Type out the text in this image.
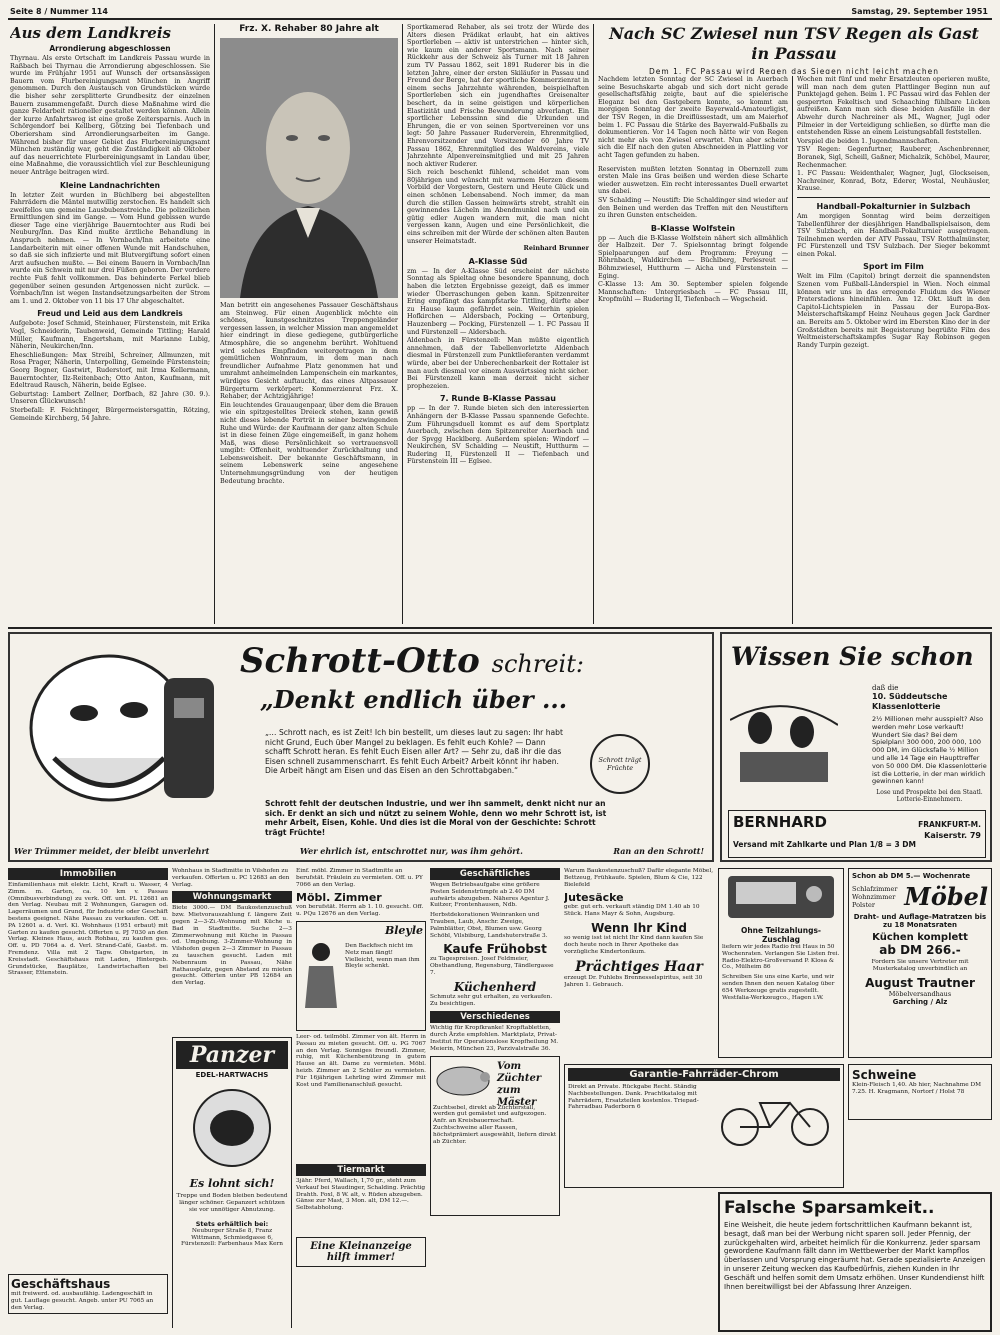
Seite 8 / Nummer 114	Samstag, 29. September 1951
Aus dem Landkreis
Arrondierung abgeschlossen

Thyrnau. Als erste Ortschaft im Landkreis Passau wurde in Raßbach bei Thyrnau die Arrondierung abgeschlossen. Sie wurde im Frühjahr 1951 auf Wunsch der ortsansässigen Bauern vom Flurbereinigungsamt München in Angriff genommen. Durch den Austausch von Grundstücken wurde die bisher sehr zersplitterte Grundbesitz der einzelnen Bauern zusammengefaßt. Durch diese Maßnahme wird die ganze Feldarbeit rationeller gestaltet werden können. Allein der kurze Anfahrtsweg ist eine große Zeitersparnis. Auch in Schörgendorf bei Kellberg, Götzing bei Tiefenbach und Oberiersham sind Arrondierungsarbeiten im Gange. Während bisher für unser Gebiet das Flurbereinigungsamt München zuständig war, geht die Zuständigkeit ab Oktober auf das neuerrichtete Flurbereinigungsamt in Landau über, eine Maßnahme, die voraussichtlich viel zur Beschleunigung neuer Anträge beitragen wird.

Kleine Landnachrichten

In letzter Zeit wurden in Büchlberg bei abgestellten Fahrrädern die Mäntel mutwillig zerstochen. Es handelt sich zweifellos um gemeine Lausbubenstreiche. Die polizeilichen Ermittlungen sind im Gange. — Vom Hund gebissen wurde dieser Tage eine vierjährige Bauerntochter aus Rudi bei Neuburg/Inn. Das Kind mußte ärztliche Behandlung in Anspruch nehmen. — In Vornbach/Inn arbeitete eine Landarbeiterin mit einer offenen Wunde mit Handschuhen, so daß sie sich infizierte und mit Blutvergiftung sofort einen Arzt aufsuchen mußte. — Bei einem Bauern in Vornbach/Inn wurde ein Schwein mit nur drei Füßen geboren. Der vordere rechte Fuß fehlt vollkommen. Das behinderte Ferkel blieb gegenüber seinen gesunden Artgenossen nicht zurück. — Vornbach/Inn ist wegen Instandsetzungsarbeiten der Strom am 1. und 2. Oktober von 11 bis 17 Uhr abgeschaltet.

Freud und Leid aus dem Landkreis

Aufgebote: Josef Schmid, Steinhauer, Fürstenstein, mit Erika Vogl, Schneiderin, Taubenweid, Gemeinde Tittling; Harald Müller, Kaufmann, Engertsham, mit Marianne Lubig, Näherin, Neukirchen/Inn.

Eheschließungen: Max Streibl, Schreiner, Allmunzen, mit Rosa Prager, Näherin, Unterpolling, Gemeinde Fürstenstein; Georg Bogner, Gastwirt, Ruderstorf, mit Irma Kellermann, Bauerntochter, Ilz-Reitenbach; Otto Anton, Kaufmann, mit Edeltraud Rausch, Näherin, beide Eglsee.

Geburtstag: Lambert Zellner, Dorfbach, 82 Jahre (30. 9.). Unseren Glückwunsch!

Sterbefall: F. Feichtinger, Bürgermeistersgattin, Rötzing, Gemeinde Kirchberg, 54 Jahre.

Frz. X. Rehaber 80 Jahre alt

Man betritt ein angesehenes Passauer Geschäftshaus am Steinweg. Für einen Augenblick möchte ein schönes, kunstgeschnitztes Treppengeländer vergessen lassen, in welcher Mission man angemeldet hier eindringt in diese gediegene, gutbürgerliche Atmosphäre, die so angenehm berührt. Wohltuend wird solches Empfinden weitergetragen in dem gemütlichen Wohnraum, in dem man nach freundlicher Aufnahme Platz genommen hat und umrahmt anheimelnden Lampenschein ein markantes, würdiges Gesicht auftaucht, das eines Altpassauer Bürgerturm verkörpert: Kommerzienrat Frz. X. Rehaber, der Achtzigjährige!

Ein leuchtendes Grauaugenpaar, über dem die Brauen wie ein spitzgestelltes Dreieck stehen, kann gewiß nicht dieses lebende Porträt in seiner bezwingenden Ruhe und Würde: der Kaufmann der ganz alten Schule ist in diese feinen Züge eingemeißelt, in ganz hohem Maß, was diese Persönlichkeit so vertrauensvoll umgibt: Offenheit, wohltuender Zurückhaltung und Lebensweisheit. Der bekannte Geschäftsmann, in seinem Lebenswerk seine angesehene Unternehmungsgründung von der heutigen Bedeutung brachte.

Sportkamerad Rehaber, als sei trotz der Würde des Alters diesen Prädikat erlaubt, hat ein aktives Sportlerleben — aktiv ist unterstrichen — hinter sich, wie kaum ein anderer Sportsmann. Nach seiner Rückkehr aus der Schweiz als Turner mit 18 Jahren zum TV Passau 1862, seit 1891 Ruderer bis in die letzten Jahre, einer der ersten Skiläufer in Passau und Freund der Berge, hat der sportliche Kommerzienrat in einem sechs Jahrzehnte währenden, beispielhaften Sportlerleben sich ein jugendhaftes Greisenalter beschert, da in seine geistigen und körperlichen Elastizität und Frische Bewunderung abverlangt. Ein sportlicher Lebenssinn sind die Urkunden und Ehrungen, die er von seinen Sportvereinen vor uns legt: 50 Jahre Passauer Ruderverein, Ehrenmitglied, Ehrenvorsitzender und Vorsitzender 60 Jahre TV Passau 1862, Ehrenmitglied des Waldvereins, viele Jahrzehnte Alpenvereinsmitglied und mit 25 Jahren noch aktiver Ruderer.

Sich reich beschenkt fühlend, scheidet man vom 80jährigen und wünscht mit warmem Herzen diesem Vorbild der Vorgestern, Gestern und Heute Glück und einen schönen Lebensabend. Noch immer, da man durch die stillen Gassen heimwärts strebt, strahlt ein gewinnendes Lächeln im Abendmunkel nach und ein gütig edler Augen wandern mit, die man nicht vergessen kann, Augen und eine Persönlichkeit, die eins schreiben mit der Würde der schönen alten Bauten unserer Heimatstadt.

Reinhard Brunner
A-Klasse Süd

zm — In der A-Klasse Süd erscheint der nächste Sonntag als Spieltag ohne besondere Spannung, doch haben die letzten Ergebnisse gezeigt, daß es immer wieder Überraschungen geben kann. Spitzenreiter Ering empfängt das kampfstarke Tittling, dürfte aber zu Hause kaum gefährdet sein. Weiterhin spielen Hofkirchen — Aldersbach, Pocking — Ortenburg, Hauzenberg — Pocking, Fürstenzell — 1. FC Passau II und Fürstenzell — Aldersbach.

Aldenbach in Fürstenzell: Man müßte eigentlich annehmen, daß der Tabellenvorletzte Aldenbach diesmal in Fürstenzell zum Punktlieferanten verdammt würde, aber bei der Unberechenbarkeit der Rottaler ist man auch diesmal vor einem Auswärtssieg nicht sicher. Bei Fürstenzell kann man derzeit nicht sicher prophezeien.

7. Runde B-Klasse Passau

pp — In der 7. Runde bieten sich den interessierten Anhängern der B-Klasse Passau spannende Gefechte. Zum Führungsduell kommt es auf dem Sportplatz Auerbach, zwischen dem Spitzenreiter Auerbach und der Spvgg Hacklberg. Außerdem spielen: Windorf — Neukirchen, SV Schalding — Neustift, Hutthurm — Rudering II, Fürstenzell II — Tiefenbach und Fürstenstein III — Eglsee.

Nach SC Zwiesel nun TSV Regen als Gast in Passau
Dem 1. FC Passau wird Regen das Siegen nicht leicht machen

Nachdem letzten Sonntag der SC Zwiesel in Auerbach seine Besuchskarte abgab und sich dort nicht gerade gesellschaftsfähig zeigte, baut auf die spielerische Eleganz bei den Gastgebern konnte, so kommt am morgigen Sonntag der zweite Bayerwald-Amateurligist, der TSV Regen, in die Dreiflüssestadt, um am Maierhof beim 1. FC Passau die Stärke des Bayerwald-Fußballs zu dokumentieren. Vor 14 Tagen noch hätte wir von Regen nicht mehr als von Zwiesel erwartet. Nun aber scheint sich die Elf nach den guten Abschneiden in Plattling vor acht Tagen gefunden zu haben.

Reservisten mußten letzten Sonntag in Obernzell zum ersten Male ins Gras beißen und werden diese Scharte wieder auswetzen. Ein recht interessantes Duell erwartet uns dabei.

SV Schalding — Neustift: Die Schaldinger sind wieder auf den Beinen und werden das Treffen mit den Neustiftern zu ihren Gunsten entscheiden.

B-Klasse Wolfstein

pp — Auch die B-Klasse Wolfstein nähert sich allmählich der Halbzeit. Der 7. Spielsonntag bringt folgende Spielpaarungen auf dem Programm: Freyung — Röhrnbach, Waldkirchen — Büchlberg, Perlesreut — Böhmzwiesel, Hutthurm — Aicha und Fürstenstein — Eging.

C-Klasse 13: Am 30. September spielen folgende Mannschaften: Untergriesbach — FC Passau III, Kropfmühl — Rudering II, Tiefenbach — Wegscheid.

Wochen mit fünf und mehr Ersatzleuten operieren mußte, will man nach dem guten Plattlinger Beginn nun auf Punktejagd gehen. Beim 1. FC Passau wird das Fehlen der gesperrten Fekeltisch und Schaaching fühlbare Lücken aufreißen. Kann man sich diese beiden Ausfälle in der Abwehr durch Nachreiner als ML, Wagner, Jugl oder Pilmeier in der Verteidigung schließen, so dürfte man die entstehenden Risse an einem Leistungsabfall feststellen.

Vorspiel die beiden 1. Jugendmannschaften.

TSV Regen: Gegenfurtner, Rauberer, Aschenbrenner, Boranek, Sigl, Scheill, Gaßner, Michalzik, Schöbel, Maurer, Rechenmacher.

1. FC Passau: Weidenthaler, Wagner, Jugl, Glockseisen, Nachreiner, Konrad, Botz, Ederer, Wostal, Neuhäusler, Krause.

Handball-Pokalturnier in Sulzbach

Am morgigen Sonntag wird beim derzeitigen Tabellenführer der diesjährigen Handballspielsaison, dem TSV Sulzbach, ein Handball-Pokalturnier ausgetragen. Teilnehmen werden der ATV Passau, TSV Rotthalmünster, FC Fürstenzell und TSV Sulzbach. Der Sieger bekommt einen Pokal.

Sport im Film

Welt im Film (Capitol) bringt derzeit die spannendsten Szenen vom Fußball-Länderspiel in Wien. Noch einmal können wir uns in das erregende Fluidum des Wiener Praterstadions hineinfühlen. Am 12. Okt. läuft in den Capitol-Lichtspielen in Passau der Europa-Box-Meisterschaftskampf Heinz Neuhaus gegen Jack Gardner an. Bereits am 5. Oktober wird im Ebersten Kino der in der Großstädten bereits mit Begeisterung begrüßte Film des Weltmeisterschaftskampfes Sugar Ray Robinson gegen Randy Turpin gezeigt.

Schrott-Otto schreit:
„Denkt endlich über ...

„… Schrott nach, es ist Zeit! Ich bin bestellt, um dieses laut zu sagen: Ihr habt nicht Grund, Euch über Mangel zu beklagen. Es fehlt euch Kohle? — Dann schafft Schrott heran. Es fehlt Euch Eisen aller Art? — Sehr zu, daß ihr die das Eisen schnell zusammenscharrt. Es fehlt Euch Arbeit? Arbeit könnt ihr haben. Die Arbeit hängt am Eisen und das Eisen an den Schrottabgaben.“

Schrott fehlt der deutschen Industrie, und wer ihn sammelt, denkt nicht nur an sich. Er denkt an sich und nützt zu seinem Wohle, denn wo mehr Schrott ist, ist mehr Arbeit, Eisen, Kohle. Und dies ist die Moral von der Geschichte: Schrott trägt Früchte!

Schrott trägt Früchte
Wer Trümmer meidet, der bleibt unverlehrt	Wer ehrlich ist, entschrottet nur, was ihm gehört.	Ran an den Schrott!
Wissen Sie schon
daß die
10. Süddeutsche Klassenlotterie

2½ Millionen mehr ausspielt? Also werden mehr Lose verkauft! Wundert Sie das? Bei dem Spielplan! 300 000, 200 000, 100 000 DM, im Glücksfalle ½ Million und alle 14 Tage ein Haupttreffer von 50 000 DM. Die Klassenlotterie ist die Lotterie, in der man wirklich gewinnen kann!

Lose und Prospekte bei den Staatl. Lotterie-Einnehmern.

BERNHARD	FRANKFURT-M.
Kaiserstr. 79
Versand mit Zahlkarte und Plan 1/8 = 3 DM
Immobilien

Einfamilienhaus mit elektr. Licht, Kraft u. Wasser, 4 Zimm. m. Garten, ca. 10 km v. Passau (Omnibusverbindung) zu verk. Off. unt. PL 12681 an den Verlag. Neubau mit 2 Wohnungen, Garagen od. Lagerräumen und Grund, für Industrie oder Geschäft bestens geeignet. Nähe Passau zu verkaufen. Off. u. PA 12601 a. d. Verl. Kl. Wohnhaus (1951 erbaut) mit Garten zu kaufen gesucht. Offerten u. PJ 7030 an den Verlag. Kleines Haus, auch Rohbau, zu kaufen ges. Off. u. PD 7064 a. d. Verl. Strand-Café, Gastst. m. Fremdenz. Villa mit 2 Tagw. Obstgarten, in Kreisstadt. Geschäftshaus mit Laden, Hintergeb. Grundstücke, Bauplätze, Landwirtschaften bei Strasser, Ettenstein.

Geschäftshaus

mit freiwerd. od. ausbaufähig. Ladengeschäft in gut. Lauflage gesucht. Angeb. unter PU 7065 an den Verlag.

Wohnhaus in Stadtmitte in Vilshofen zu verkaufen. Offerten u. PC 12683 an den Verlag.

Wohnungsmarkt

Biete 3000.— DM Baukostenzuschuß bzw. Mietvorauszahlung f. längere Zeit gegen 2—3-Zi.-Wohnung mit Küche u. Bad in Stadtmitte. Suche 2—3 Zimmerwohnung mit Küche in Passau od. Umgebung. 3-Zimmer-Wohnung in Vilshofen gegen 2—3 Zimmer in Passau zu tauschen gesucht. Laden mit Nebenraum in Passau, Nähe Rathausplatz, gegen Abstand zu mieten gesucht. Offerten unter PB 12684 an den Verlag.

Panzer
EDEL-HARTWACHS
Es lohnt sich!

Treppe und Boden bleiben bedeutend länger schöner. Gepanzert schützen sie vor unnötiger Abnutzung.

Stets erhältlich bei:

Neuburger Straße 8, Franz Wittmann, Schmiedgasse 6, Fürstenzell: Farbenhaus Max Kern

Einf. möbl. Zimmer in Stadtmitte an berufstät. Fräulein zu vermieten. Off. u. PY 7066 an den Verlag.

Möbl. Zimmer

von berufstät. Herrn ab 1. 10. gesucht. Off. u. PQu 12676 an den Verlag.

Bleyle

Den Backfisch nicht im Netz man fängt! Vielleicht, wenn man ihm Bleyle schenkt.

Leer- od. teilmöbl. Zimmer von ält. Herrn in Passau zu mieten gesucht. Off. u. PG 7067 an den Verlag. Sonniges freundl. Zimmer, ruhig, mit Küchenbenützung in gutem Hause an ält. Dame zu vermieten. Möbl. heizb. Zimmer an 2 Schüler zu vermieten. Für 16jährigen Lehrling wird Zimmer mit Kost und Familienanschluß gesucht.

Tiermarkt

3jähr. Pferd, Wallach, 1,70 gr., steht zum Verkauf bei Staudinger, Schalding. Prächtig Drahth. Foxl, 8 W. alt, v. Rüden abzugeben. Gänse zur Mast, 3 Mon. alt, DM 12.—. Selbstabholung.

Eine Kleinanzeige hilft immer!
Geschäftliches

Wegen Betriebsaufgabe eine größere Posten Seidenstrümpfe ab 2.40 DM aufwärts abzugeben. Näheres Agentur J. Kuitzer, Frontenhausen, Ndb.

Herbstdekorationen Weinranken und Trauben, Laub, Anschr. Zweige, Palmblätter, Obst, Blumen usw. Georg Schöbl, Vilsbiburg, Landshuterstraße 3.

Kaufe Frühobst

zu Tagespreisen. Josef Feldmeier, Obsthandlung, Regensburg, Tändlergasse 7.

Küchenherd

Schmutz sehr gut erhalten, zu verkaufen. Zu besichtigen.

Verschiedenes

Wichtig für Kropfkranke! Kropftabletten, durch Ärzte empfohlen. Marktplatz, Privat-Institut für Operationslose Kropfheilung M. Meierin, München 23, Parzivalstraße 36.

Vom Züchter zum Mäster

Zuchtsebel, direkt ab Züchterstall, werden gut gemästet und aufgezogen. Anfr. an Kreisbauernschaft. Zuchtschweine aller Rassen, höchstprämiert ausgewählt, liefern direkt ab Züchter.

Warum Baukostenzuschuß? Dafür elegante Möbel, Bettzeug, Frühkaufe. Spielen, Blum & Cie, 122 Bielefeld

Jutesäcke

gebr. gut erh. verkauft ständig DM 1.40 ab 10 Stück. Hans Mayr & Sohn, Augsburg.

Wenn Ihr Kind

so wenig isst ist nicht Ihr Kind dann kaufen Sie doch heute noch in Ihrer Apotheke das vorzügliche Kindertonikum.

Prächtiges Haar

erzeugt Dr. Fuhlebs Brennesselspiritus, seit 30 Jahren 1. Gebrauch.

Ohne Teilzahlungs-Zuschlag

liefern wir jedes Radio frei Haus in 50 Wochenraten. Verlangen Sie Listen frei. Radio-Elektro-Großversand P. Klosa & Co., Mülheim 86

Schreiben Sie uns eine Karte, und wir senden Ihnen den neuen Katalog über 654 Werkzeuge gratis zugestellt. Westfalia-Werkzeugco., Hagen i.W.

Schon ab DM 5.— Wochenrate
Schlafzimmer Wohnzimmer Polster	Möbel
Draht- und Auflage-Matratzen bis zu 18 Monatsraten
Küchen komplett
ab DM 266.-

Fordern Sie unsere Vertreter mit Musterkatalog unverbindlich an

August Trautner
Möbelversandhaus
Garching / Alz
Garantie-Fahrräder-Chrom

Direkt an Private. Rückgabe Recht. Ständig Nachbestellungen. Dank. Prachtkatalog mit Fahrrädern, Ersatzteilen kostenlos. Triepad-Fahrradbau Paderborn 6

Schweine

Klein-Fleisch 1,40. Ab hier, Nachnahme DM 7.25. H. Kragmann, Nortorf / Holst 78

Falsche Sparsamkeit..

Eine Weisheit, die heute jedem fortschrittlichen Kaufmann bekannt ist, besagt, daß man bei der Werbung nicht sparen soll. Jeder Pfennig, der zurückgehalten wird, arbeitet heimlich für die Konkurrenz. Jeder sparsam gewordene Kaufmann fällt dann im Wettbewerber der Markt kampflos überlassen und Vorsprung eingeräumt hat. Gerade spezialisierte Anzeigen in unserer Zeitung wecken das Kaufbedürfnis, ziehen Kunden in Ihr Geschäft und helfen somit dem Umsatz erhöhen. Unser Kundendienst hilft Ihnen bereitwilligst bei der Abfassung Ihrer Anzeigen.
